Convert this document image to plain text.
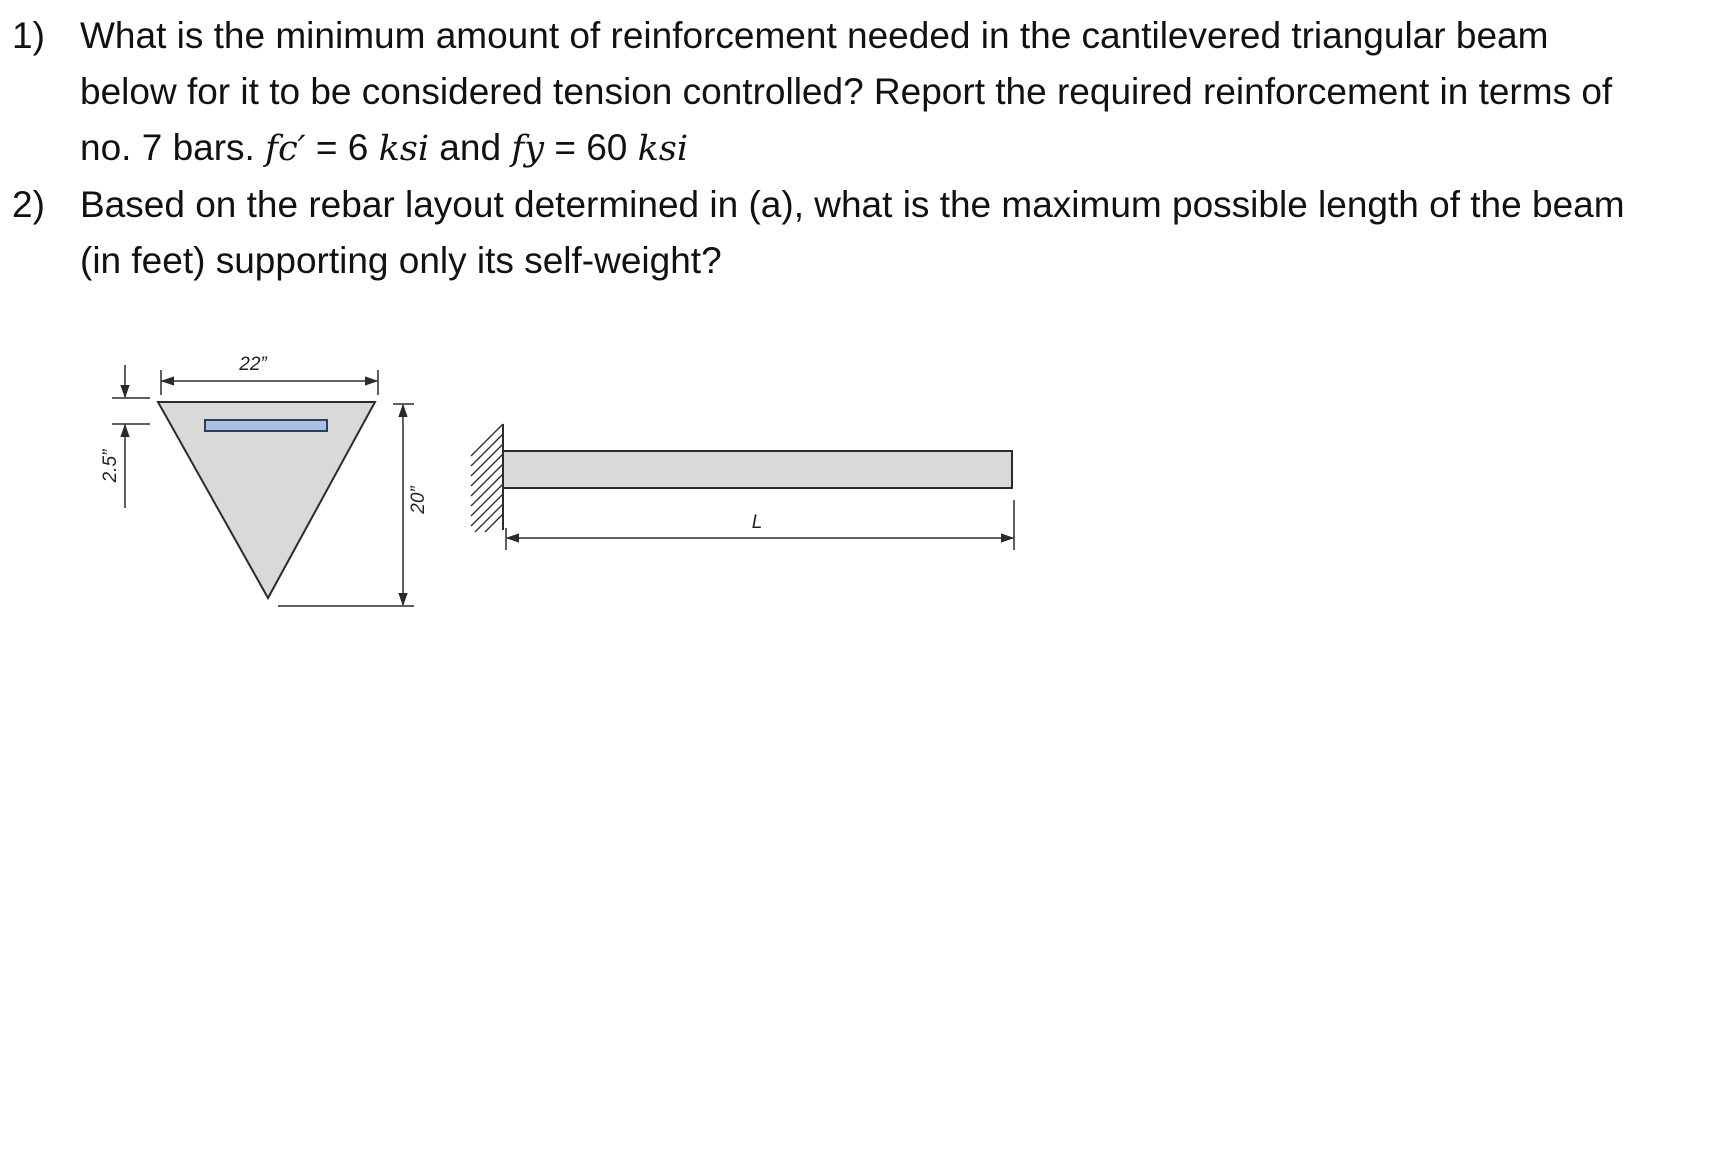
1) What is the minimum amount of reinforcement needed in the cantilevered triangular beam
below for it to be considered tension controlled? Report the required reinforcement in terms of
no. 7 bars. fc′ = 6 ksi and fy = 60 ksi
2) Based on the rebar layout determined in (a), what is the maximum possible length of the beam
(in feet) supporting only its self-weight?
22”
20”
2.5”
L
